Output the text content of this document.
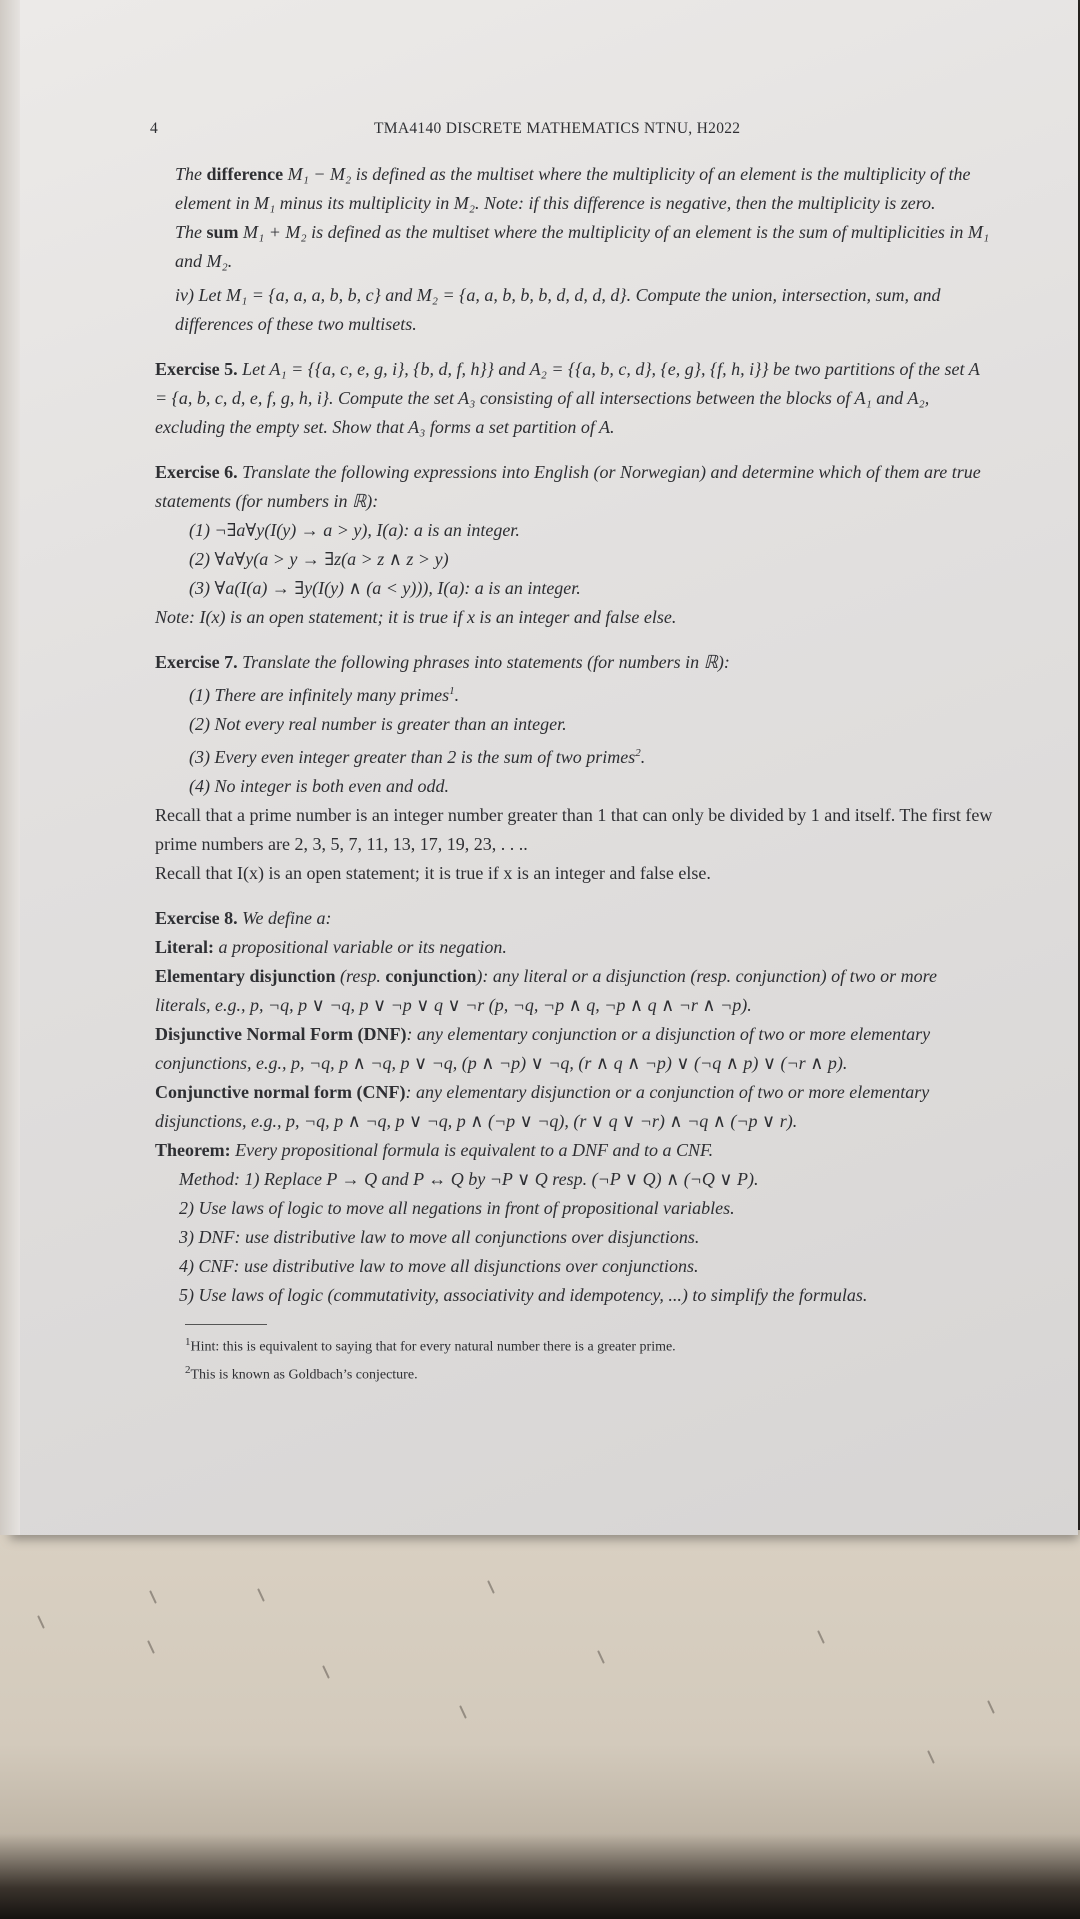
4	TMA4140 DISCRETE MATHEMATICS NTNU, H2022

The difference M₁ − M₂ is defined as the multiset where the multiplicity of an element is the multiplicity of the element in M₁ minus its multiplicity in M₂. Note: if this difference is negative, then the multiplicity is zero.

The sum M₁ + M₂ is defined as the multiset where the multiplicity of an element is the sum of multiplicities in M₁ and M₂.

iv) Let M₁ = {a, a, a, b, b, c} and M₂ = {a, a, b, b, b, d, d, d, d}. Compute the union, intersection, sum, and differences of these two multisets.

Exercise 5. Let A₁ = {{a, c, e, g, i}, {b, d, f, h}} and A₂ = {{a, b, c, d}, {e, g}, {f, h, i}} be two partitions of the set A = {a, b, c, d, e, f, g, h, i}. Compute the set A₃ consisting of all intersections between the blocks of A₁ and A₂, excluding the empty set. Show that A₃ forms a set partition of A.

Exercise 6. Translate the following expressions into English (or Norwegian) and determine which of them are true statements (for numbers in ℝ):

(1) ¬∃a∀y(I(y) → a > y), I(a): a is an integer.

(2) ∀a∀y(a > y → ∃z(a > z ∧ z > y)

(3) ∀a(I(a) → ∃y(I(y) ∧ (a < y))), I(a): a is an integer.

Note: I(x) is an open statement; it is true if x is an integer and false else.

Exercise 7. Translate the following phrases into statements (for numbers in ℝ):

(1) There are infinitely many primes$^1$.

(2) Not every real number is greater than an integer.

(3) Every even integer greater than 2 is the sum of two primes$^2$.

(4) No integer is both even and odd.

Recall that a prime number is an integer number greater than 1 that can only be divided by 1 and itself. The first few prime numbers are 2, 3, 5, 7, 11, 13, 17, 19, 23, . . ..

Recall that I(x) is an open statement; it is true if x is an integer and false else.

Exercise 8. We define a:

Literal: a propositional variable or its negation.

Elementary disjunction (resp. conjunction): any literal or a disjunction (resp. conjunction) of two or more literals, e.g., p, ¬q, p ∨ ¬q, p ∨ ¬p ∨ q ∨ ¬r (p, ¬q, ¬p ∧ q, ¬p ∧ q ∧ ¬r ∧ ¬p).

Disjunctive Normal Form (DNF): any elementary conjunction or a disjunction of two or more elementary conjunctions, e.g., p, ¬q, p ∧ ¬q, p ∨ ¬q, (p ∧ ¬p) ∨ ¬q, (r ∧ q ∧ ¬p) ∨ (¬q ∧ p) ∨ (¬r ∧ p).

Conjunctive normal form (CNF): any elementary disjunction or a conjunction of two or more elementary disjunctions, e.g., p, ¬q, p ∧ ¬q, p ∨ ¬q, p ∧ (¬p ∨ ¬q), (r ∨ q ∨ ¬r) ∧ ¬q ∧ (¬p ∨ r).

Theorem: Every propositional formula is equivalent to a DNF and to a CNF.

Method: 1) Replace P → Q and P ↔ Q by ¬P ∨ Q resp. (¬P ∨ Q) ∧ (¬Q ∨ P).

2) Use laws of logic to move all negations in front of propositional variables.

3) DNF: use distributive law to move all conjunctions over disjunctions.

4) CNF: use distributive law to move all disjunctions over conjunctions.

5) Use laws of logic (commutativity, associativity and idempotency, ...) to simplify the formulas.

$^1$Hint: this is equivalent to saying that for every natural number there is a greater prime.

$^2$This is known as Goldbach’s conjecture.
